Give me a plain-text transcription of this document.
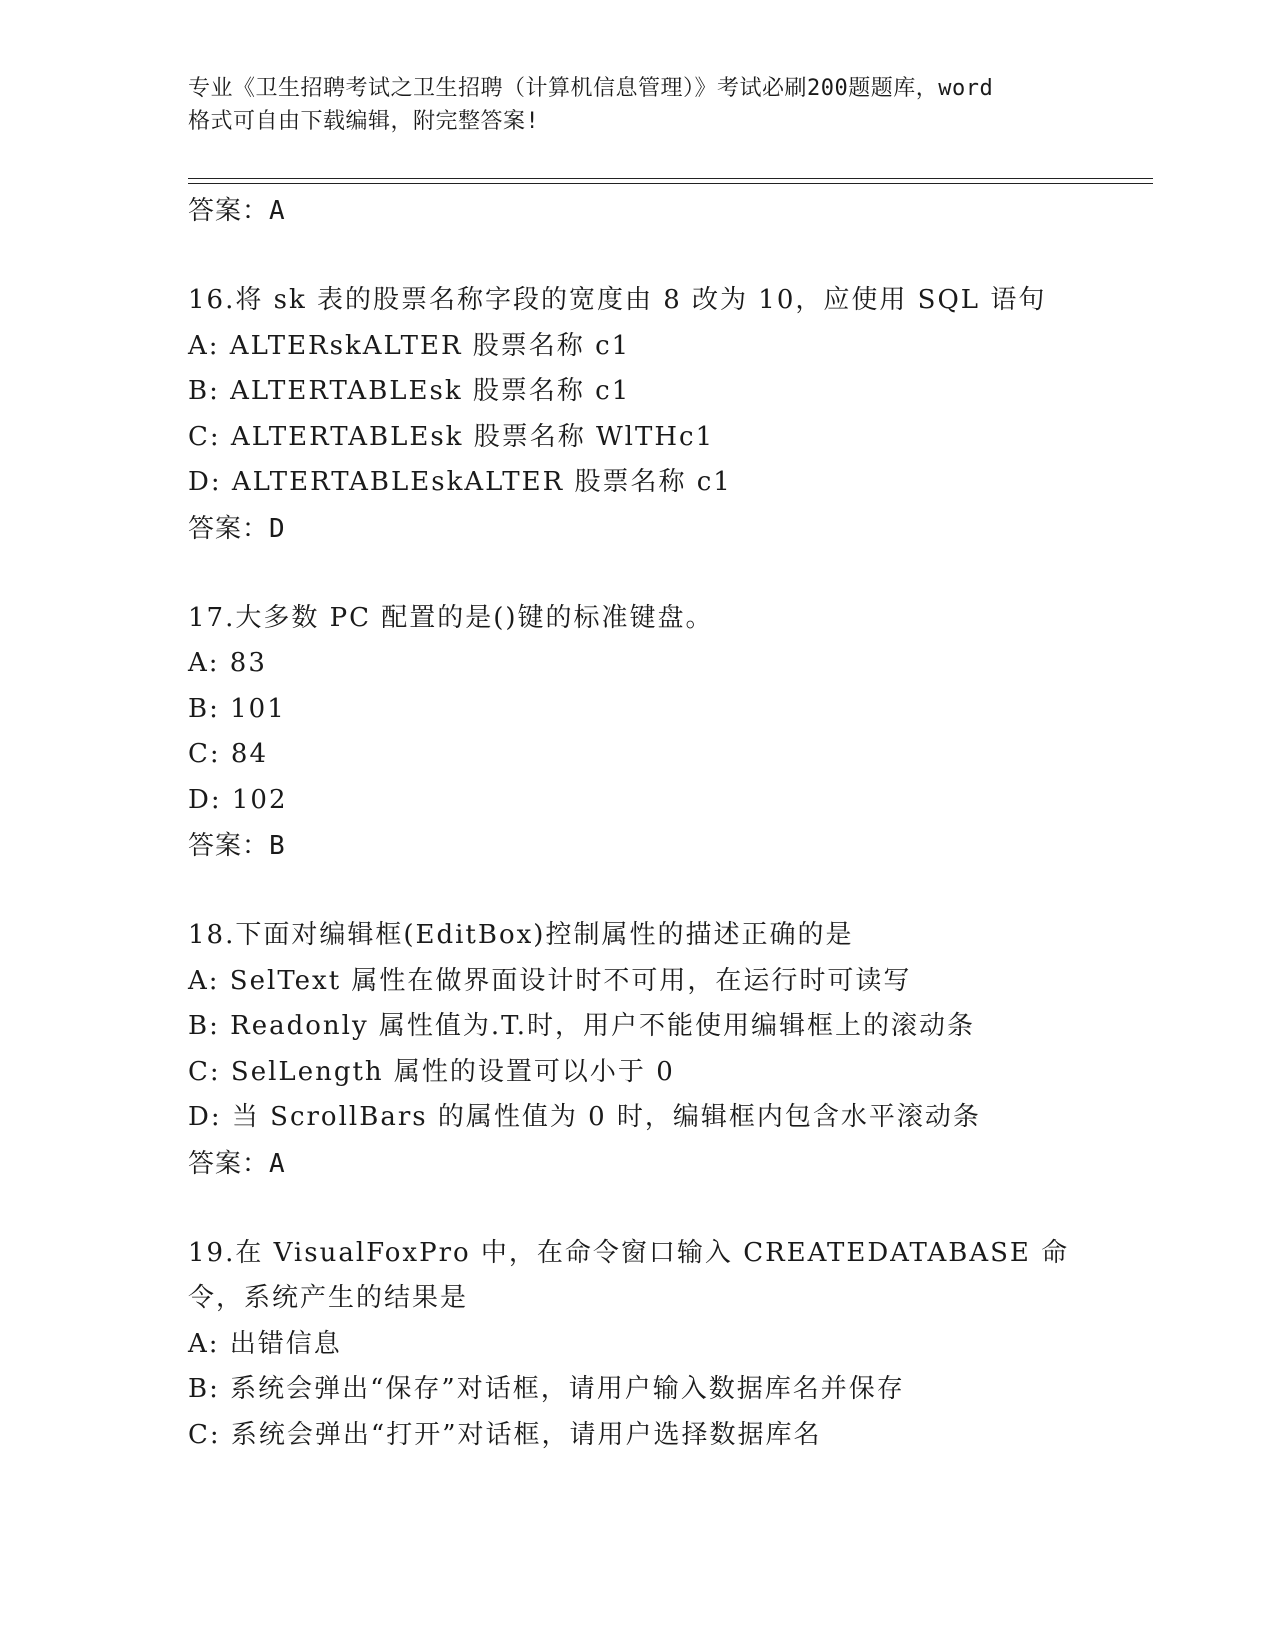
专业《卫生招聘考试之卫生招聘（计算机信息管理）》考试必刷200题题库，word
格式可自由下载编辑，附完整答案!
答案：A
16.将 sk 表的股票名称字段的宽度由 8 改为 10，应使用 SQL 语句
A: ALTERskALTER 股票名称 c1
B: ALTERTABLEsk 股票名称 c1
C: ALTERTABLEsk 股票名称 WlTHc1
D: ALTERTABLEskALTER 股票名称 c1
答案：D
17.大多数 PC 配置的是()键的标准键盘。
A: 83
B: 101
C: 84
D: 102
答案：B
18.下面对编辑框(EditBox)控制属性的描述正确的是
A: SelText 属性在做界面设计时不可用，在运行时可读写
B: Readonly 属性值为.T.时，用户不能使用编辑框上的滚动条
C: SelLength 属性的设置可以小于 0
D: 当 ScrollBars 的属性值为 0 时，编辑框内包含水平滚动条
答案：A
19.在 VisualFoxPro 中，在命令窗口输入 CREATEDATABASE 命令，系统产生的结果是
A: 出错信息
B: 系统会弹出“保存”对话框，请用户输入数据库名并保存
C: 系统会弹出“打开”对话框，请用户选择数据库名
